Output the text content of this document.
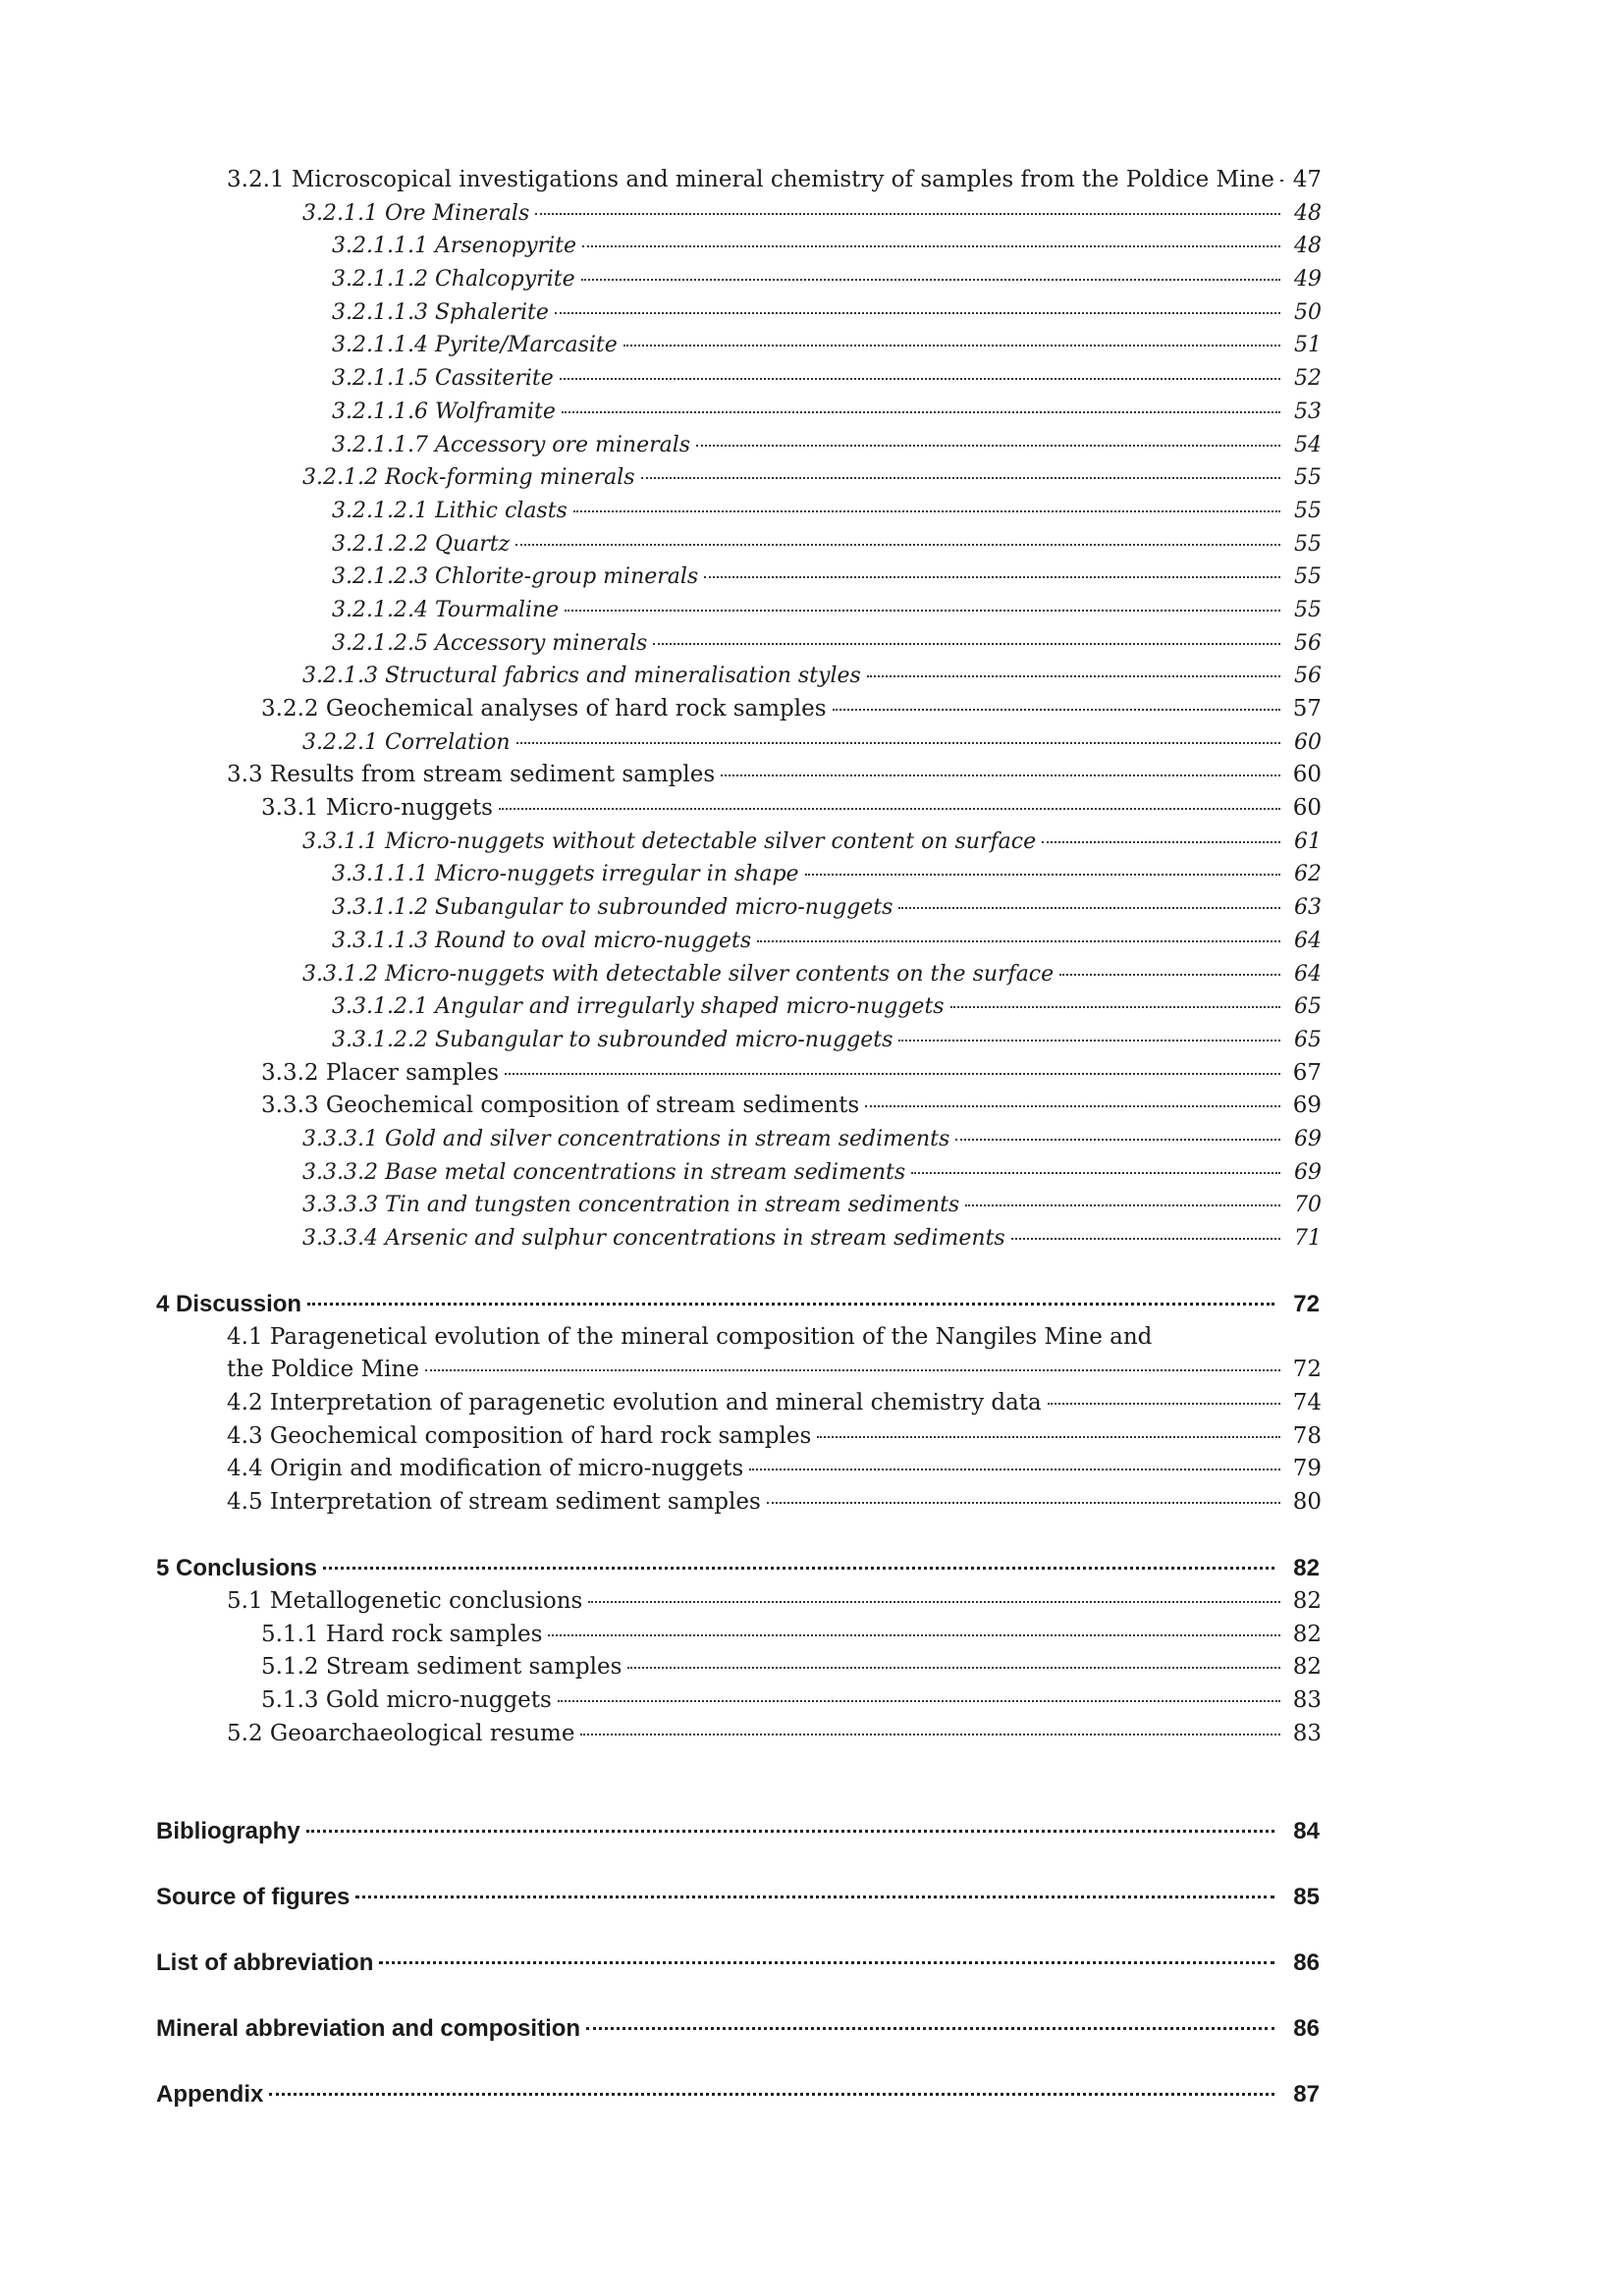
3.2.1 Microscopical investigations and mineral chemistry of samples from the Poldice Mine 47
3.2.1.1 Ore Minerals	48
3.2.1.1.1 Arsenopyrite	48
3.2.1.1.2 Chalcopyrite	49
3.2.1.1.3 Sphalerite	50
3.2.1.1.4 Pyrite/Marcasite	51
3.2.1.1.5 Cassiterite	52
3.2.1.1.6 Wolframite	53
3.2.1.1.7 Accessory ore minerals	54
3.2.1.2 Rock-forming minerals	55
3.2.1.2.1 Lithic clasts	55
3.2.1.2.2 Quartz	55
3.2.1.2.3 Chlorite-group minerals	55
3.2.1.2.4 Tourmaline	55
3.2.1.2.5 Accessory minerals	56
3.2.1.3 Structural fabrics and mineralisation styles	56
3.2.2 Geochemical analyses of hard rock samples	57
3.2.2.1 Correlation	60
3.3 Results from stream sediment samples	60
3.3.1 Micro-nuggets	60
3.3.1.1 Micro-nuggets without detectable silver content on surface	61
3.3.1.1.1 Micro-nuggets irregular in shape	62
3.3.1.1.2 Subangular to subrounded micro-nuggets	63
3.3.1.1.3 Round to oval micro-nuggets	64
3.3.1.2 Micro-nuggets with detectable silver contents on the surface	64
3.3.1.2.1 Angular and irregularly shaped micro-nuggets	65
3.3.1.2.2 Subangular to subrounded micro-nuggets	65
3.3.2 Placer samples	67
3.3.3 Geochemical composition of stream sediments	69
3.3.3.1 Gold and silver concentrations in stream sediments	69
3.3.3.2 Base metal concentrations in stream sediments	69
3.3.3.3 Tin and tungsten concentration in stream sediments	70
3.3.3.4 Arsenic and sulphur concentrations in stream sediments	71
4 Discussion	72
4.1 Paragenetical evolution of the mineral composition of the Nangiles Mine and
the Poldice Mine	72
4.2 Interpretation of paragenetic evolution and mineral chemistry data	74
4.3 Geochemical composition of hard rock samples	78
4.4 Origin and modification of micro-nuggets	79
4.5 Interpretation of stream sediment samples	80
5 Conclusions	82
5.1 Metallogenetic conclusions	82
5.1.1 Hard rock samples	82
5.1.2 Stream sediment samples	82
5.1.3 Gold micro-nuggets	83
5.2 Geoarchaeological resume	83
Bibliography	84
Source of figures	85
List of abbreviation	86
Mineral abbreviation and composition	86
Appendix	87
